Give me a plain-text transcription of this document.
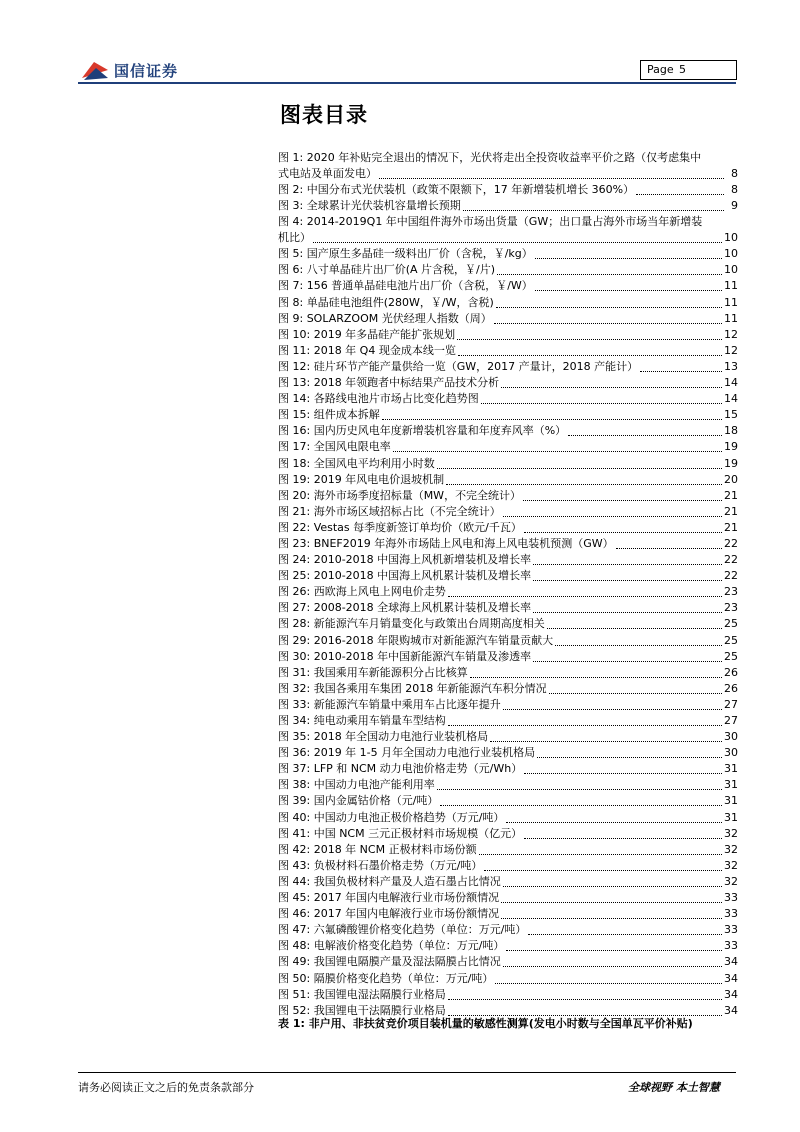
国信证券	Page 5
图表目录
图 1: 2020 年补贴完全退出的情况下，光伏将走出全投资收益率平价之路（仅考虑集中
式电站及单面发电）	8
图 2: 中国分布式光伏装机（政策不限额下，17 年新增装机增长 360%）	8
图 3: 全球累计光伏装机容量增长预期	9
图 4: 2014-2019Q1 年中国组件海外市场出货量（GW；出口量占海外市场当年新增装
机比）	10
图 5: 国产原生多晶硅一级料出厂价（含税，￥/kg）	10
图 6: 八寸单晶硅片出厂价(A 片含税，￥/片)	10
图 7: 156 普通单晶硅电池片出厂价（含税，￥/W）	11
图 8: 单晶硅电池组件(280W，￥/W，含税)	11
图 9: SOLARZOOM 光伏经理人指数（周）	11
图 10: 2019 年多晶硅产能扩张规划	12
图 11: 2018 年 Q4 现金成本线一览	12
图 12: 硅片环节产能产量供给一览（GW，2017 产量计，2018 产能计）	13
图 13: 2018 年领跑者中标结果产品技术分析	14
图 14: 各路线电池片市场占比变化趋势图	14
图 15: 组件成本拆解	15
图 16: 国内历史风电年度新增装机容量和年度弃风率（%）	18
图 17: 全国风电限电率	19
图 18: 全国风电平均利用小时数	19
图 19: 2019 年风电电价退坡机制	20
图 20: 海外市场季度招标量（MW，不完全统计）	21
图 21: 海外市场区域招标占比（不完全统计）	21
图 22: Vestas 每季度新签订单均价（欧元/千瓦）	21
图 23: BNEF2019 年海外市场陆上风电和海上风电装机预测（GW）	22
图 24: 2010-2018 中国海上风机新增装机及增长率	22
图 25: 2010-2018 中国海上风机累计装机及增长率	22
图 26: 西欧海上风电上网电价走势	23
图 27: 2008-2018 全球海上风机累计装机及增长率	23
图 28: 新能源汽车月销量变化与政策出台周期高度相关	25
图 29: 2016-2018 年限购城市对新能源汽车销量贡献大	25
图 30: 2010-2018 年中国新能源汽车销量及渗透率	25
图 31: 我国乘用车新能源积分占比核算	26
图 32: 我国各乘用车集团 2018 年新能源汽车积分情况	26
图 33: 新能源汽车销量中乘用车占比逐年提升	27
图 34: 纯电动乘用车销量车型结构	27
图 35: 2018 年全国动力电池行业装机格局	30
图 36: 2019 年 1-5 月年全国动力电池行业装机格局	30
图 37: LFP 和 NCM 动力电池价格走势（元/Wh）	31
图 38: 中国动力电池产能利用率	31
图 39: 国内金属钴价格（元/吨）	31
图 40: 中国动力电池正极价格趋势（万元/吨）	31
图 41: 中国 NCM 三元正极材料市场规模（亿元）	32
图 42: 2018 年 NCM 正极材料市场份额	32
图 43: 负极材料石墨价格走势（万元/吨）	32
图 44: 我国负极材料产量及人造石墨占比情况	32
图 45: 2017 年国内电解液行业市场份额情况	33
图 46: 2017 年国内电解液行业市场份额情况	33
图 47: 六氟磷酸锂价格变化趋势（单位：万元/吨）	33
图 48: 电解液价格变化趋势（单位：万元/吨）	33
图 49: 我国锂电隔膜产量及湿法隔膜占比情况	34
图 50: 隔膜价格变化趋势（单位：万元/吨）	34
图 51: 我国锂电湿法隔膜行业格局	34
图 52: 我国锂电干法隔膜行业格局	34
表 1: 非户用、非扶贫竞价项目装机量的敏感性测算(发电小时数与全国单瓦平价补贴)
请务必阅读正文之后的免责条款部分	全球视野 本土智慧
